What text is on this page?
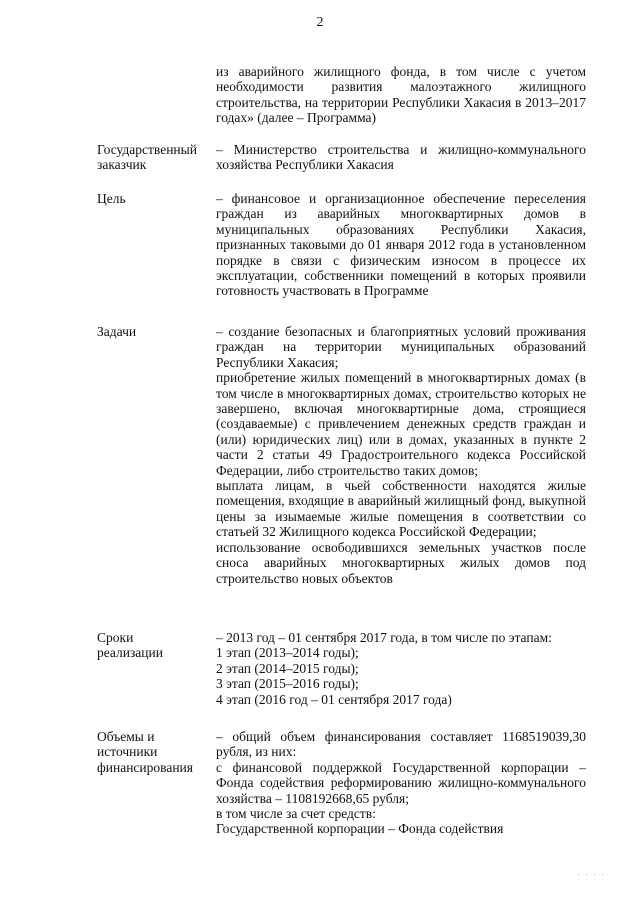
2

из аварийного жилищного фонда, в том числе с учетом необходимости развития малоэтажного жилищного строительства, на территории Республики Хакасия в 2013–2017 годах» (далее – Программа)

Государственный

заказчик

– Министерство строительства и жилищно-коммунального хозяйства Республики Хакасия

Цель	– финансовое и организационное обеспечение переселения граждан из аварийных многоквартирных домов в муниципальных образованиях Республики Хакасия, признанных таковыми до 01 января 2012 года в установленном порядке в связи с физическим износом в процессе их эксплуатации, собственники помещений в которых проявили готовность участвовать в Программе

Задачи	– создание безопасных и благоприятных условий проживания граждан на территории муниципальных образований Республики Хакасия;

приобретение жилых помещений в многоквартирных домах (в том числе в многоквартирных домах, строительство которых не завершено, включая многоквартирные дома, строящиеся (создаваемые) с привлечением денежных средств граждан и (или) юридических лиц) или в домах, указанных в пункте 2 части 2 статьи 49 Градостроительного кодекса Российской Федерации, либо строительство таких домов;

выплата лицам, в чьей собственности находятся жилые помещения, входящие в аварийный жилищный фонд, выкупной цены за изымаемые жилые помещения в соответствии со статьей 32 Жилищного кодекса Российской Федерации;

использование освободившихся земельных участков после сноса аварийных многоквартирных жилых домов под строительство новых объектов

Сроки

реализации

– 2013 год – 01 сентября 2017 года, в том числе по этапам:

1 этап (2013–2014 годы);

2 этап (2014–2015 годы);

3 этап (2015–2016 годы);

4 этап (2016 год – 01 сентября 2017 года)

Объемы и

источники

финансирования

– общий объем финансирования составляет 1168519039,30 рубля, из них:

с финансовой поддержкой Государственной корпорации – Фонда содействия реформированию жилищно-коммунального хозяйства – 1108192668,65 рубля;

в том числе за счет средств:

Государственной корпорации – Фонда содействия

· · · ·
